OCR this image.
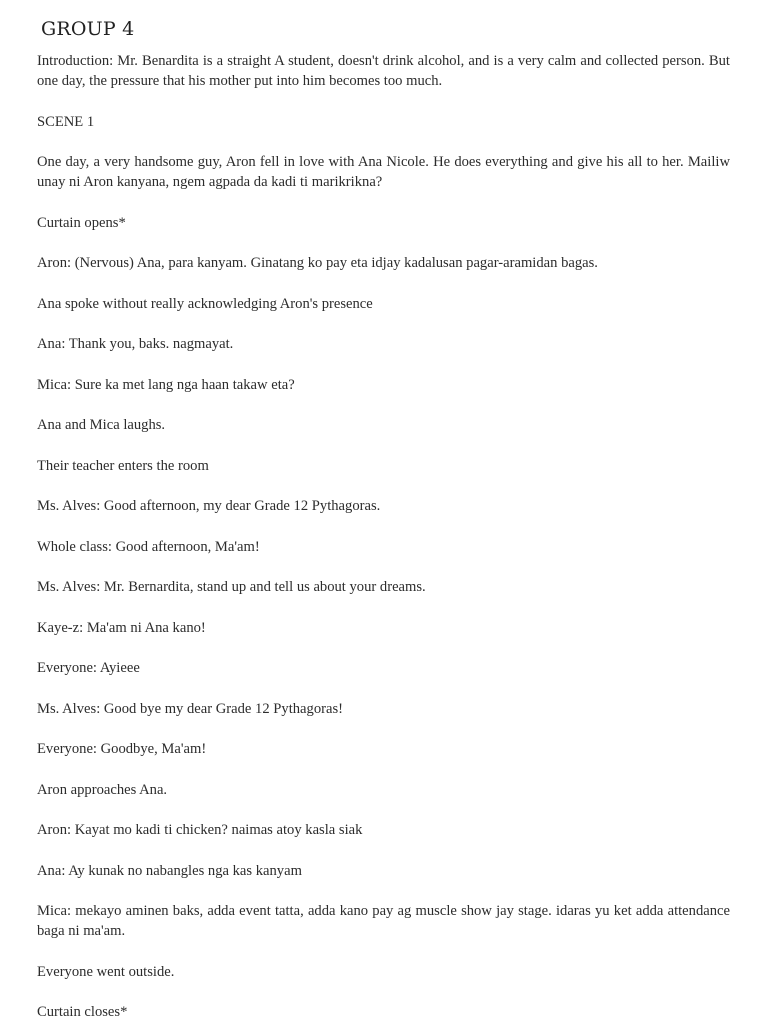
GROUP 4

Introduction: Mr. Benardita is a straight A student, doesn't drink alcohol, and is a very calm and collected person. But one day, the pressure that his mother put into him becomes too much.

SCENE 1

One day, a very handsome guy, Aron fell in love with Ana Nicole. He does everything and give his all to her. Mailiw unay ni Aron kanyana, ngem agpada da kadi ti marikrikna?

Curtain opens*

Aron: (Nervous) Ana, para kanyam. Ginatang ko pay eta idjay kadalusan pagar-aramidan bagas.

Ana spoke without really acknowledging Aron's presence

Ana: Thank you, baks. nagmayat.

Mica: Sure ka met lang nga haan takaw eta?

Ana and Mica laughs.

Their teacher enters the room

Ms. Alves: Good afternoon, my dear Grade 12 Pythagoras.

Whole class: Good afternoon, Ma'am!

Ms. Alves: Mr. Bernardita, stand up and tell us about your dreams.

Kaye-z: Ma'am ni Ana kano!

Everyone: Ayieee

Ms. Alves: Good bye my dear Grade 12 Pythagoras!

Everyone: Goodbye, Ma'am!

Aron approaches Ana.

Aron: Kayat mo kadi ti chicken? naimas atoy kasla siak

Ana: Ay kunak no nabangles nga kas kanyam

Mica: mekayo aminen baks, adda event tatta, adda kano pay ag muscle show jay stage. idaras yu ket adda attendance baga ni ma'am.

Everyone went outside.

Curtain closes*
